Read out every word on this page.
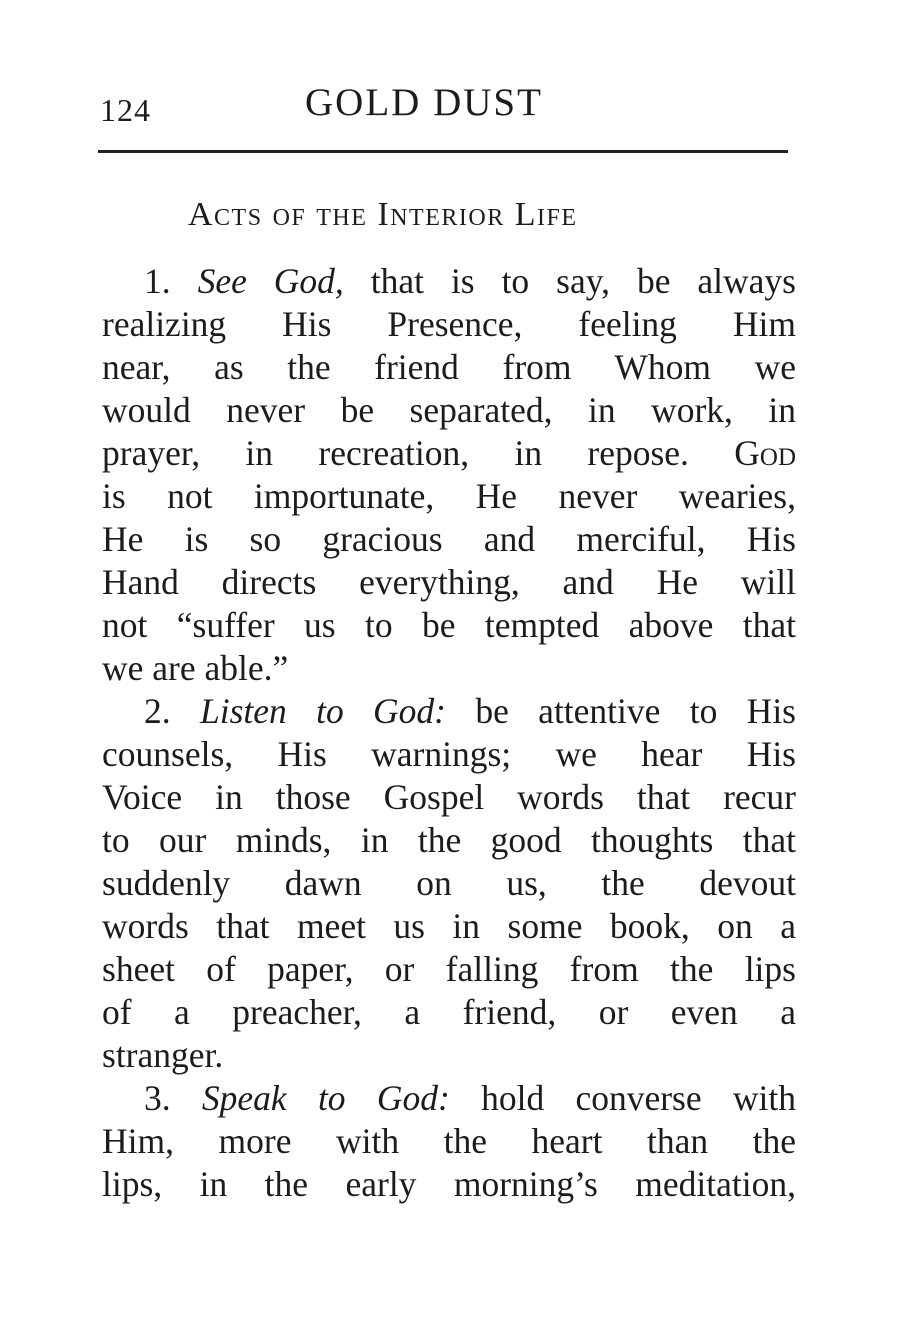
124	GOLD DUST
Acts of the Interior Life
1. See God, that is to say, be always
realizing His Presence, feeling Him
near, as the friend from Whom we
would never be separated, in work, in
prayer, in recreation, in repose. God
is not importunate, He never wearies,
He is so gracious and merciful, His
Hand directs everything, and He will
not “suffer us to be tempted above that
we are able.”
2. Listen to God: be attentive to His
counsels, His warnings; we hear His
Voice in those Gospel words that recur
to our minds, in the good thoughts that
suddenly dawn on us, the devout
words that meet us in some book, on a
sheet of paper, or falling from the lips
of a preacher, a friend, or even a
stranger.
3. Speak to God: hold converse with
Him, more with the heart than the
lips, in the early morning’s meditation,
